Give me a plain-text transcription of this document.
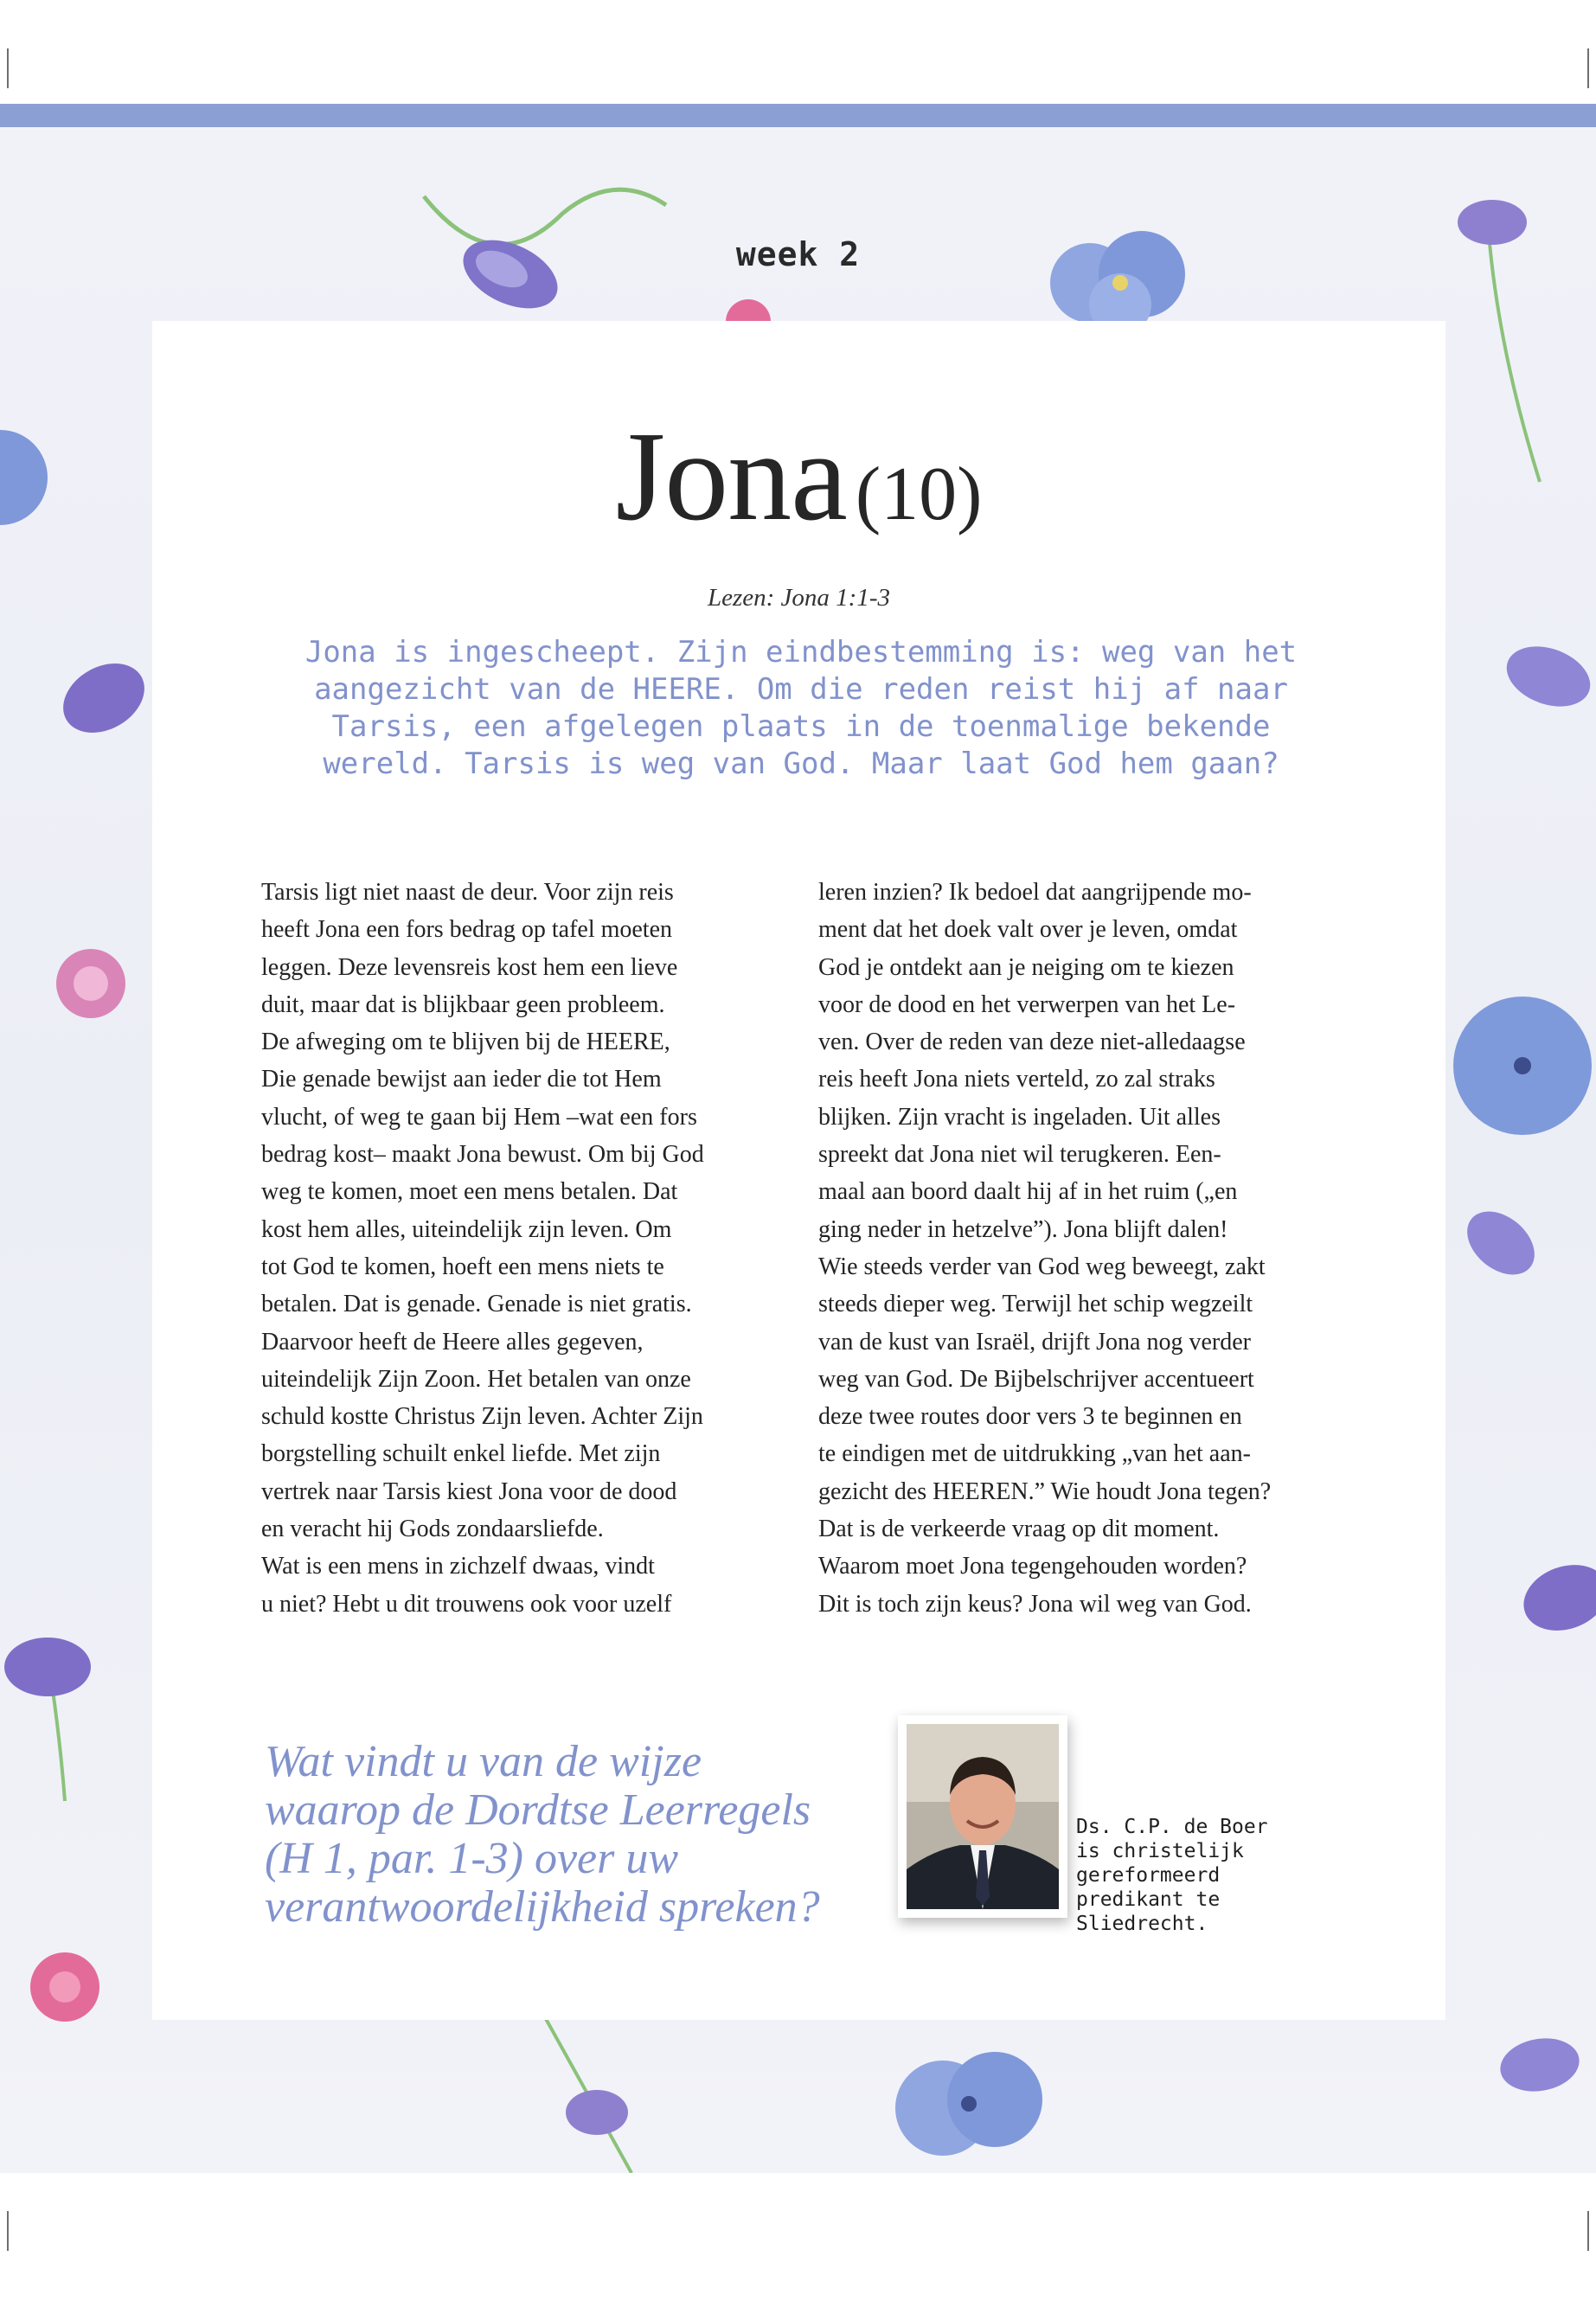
week 2
Jona (10)
Lezen: Jona 1:1-3
Jona is ingescheept. Zijn eindbestemming is: weg van het
aangezicht van de HEERE. Om die reden reist hij af naar
Tarsis, een afgelegen plaats in de toenmalige bekende
wereld. Tarsis is weg van God. Maar laat God hem gaan?
Tarsis ligt niet naast de deur. Voor zijn reis
heeft Jona een fors bedrag op tafel moeten
leggen. Deze levensreis kost hem een lieve
duit, maar dat is blijkbaar geen probleem.
De afweging om te blijven bij de HEERE,
Die genade bewijst aan ieder die tot Hem
vlucht, of weg te gaan bij Hem –wat een fors
bedrag kost– maakt Jona bewust. Om bij God
weg te komen, moet een mens betalen. Dat
kost hem alles, uiteindelijk zijn leven. Om
tot God te komen, hoeft een mens niets te
betalen. Dat is genade. Genade is niet gratis.
Daarvoor heeft de Heere alles gegeven,
uiteindelijk Zijn Zoon. Het betalen van onze
schuld kostte Christus Zijn leven. Achter Zijn
borgstelling schuilt enkel liefde. Met zijn
vertrek naar Tarsis kiest Jona voor de dood
en veracht hij Gods zondaarsliefde.
Wat is een mens in zichzelf dwaas, vindt
u niet? Hebt u dit trouwens ook voor uzelf
leren inzien? Ik bedoel dat aangrijpende mo-
ment dat het doek valt over je leven, omdat
God je ontdekt aan je neiging om te kiezen
voor de dood en het verwerpen van het Le-
ven. Over de reden van deze niet-alledaagse
reis heeft Jona niets verteld, zo zal straks
blijken. Zijn vracht is ingeladen. Uit alles
spreekt dat Jona niet wil terugkeren. Een-
maal aan boord daalt hij af in het ruim („en
ging neder in hetzelve”). Jona blijft dalen!
Wie steeds verder van God weg beweegt, zakt
steeds dieper weg. Terwijl het schip wegzeilt
van de kust van Israël, drijft Jona nog verder
weg van God. De Bijbelschrijver accentueert
deze twee routes door vers 3 te beginnen en
te eindigen met de uitdrukking „van het aan-
gezicht des HEEREN.” Wie houdt Jona tegen?
Dat is de verkeerde vraag op dit moment.
Waarom moet Jona tegengehouden worden?
Dit is toch zijn keus? Jona wil weg van God.
Wat vindt u van de wijze
waarop de Dordtse Leerregels
(H 1, par. 1-3) over uw
verantwoordelijkheid spreken?
Ds. C.P. de Boer
is christelijk
gereformeerd
predikant te
Sliedrecht.
